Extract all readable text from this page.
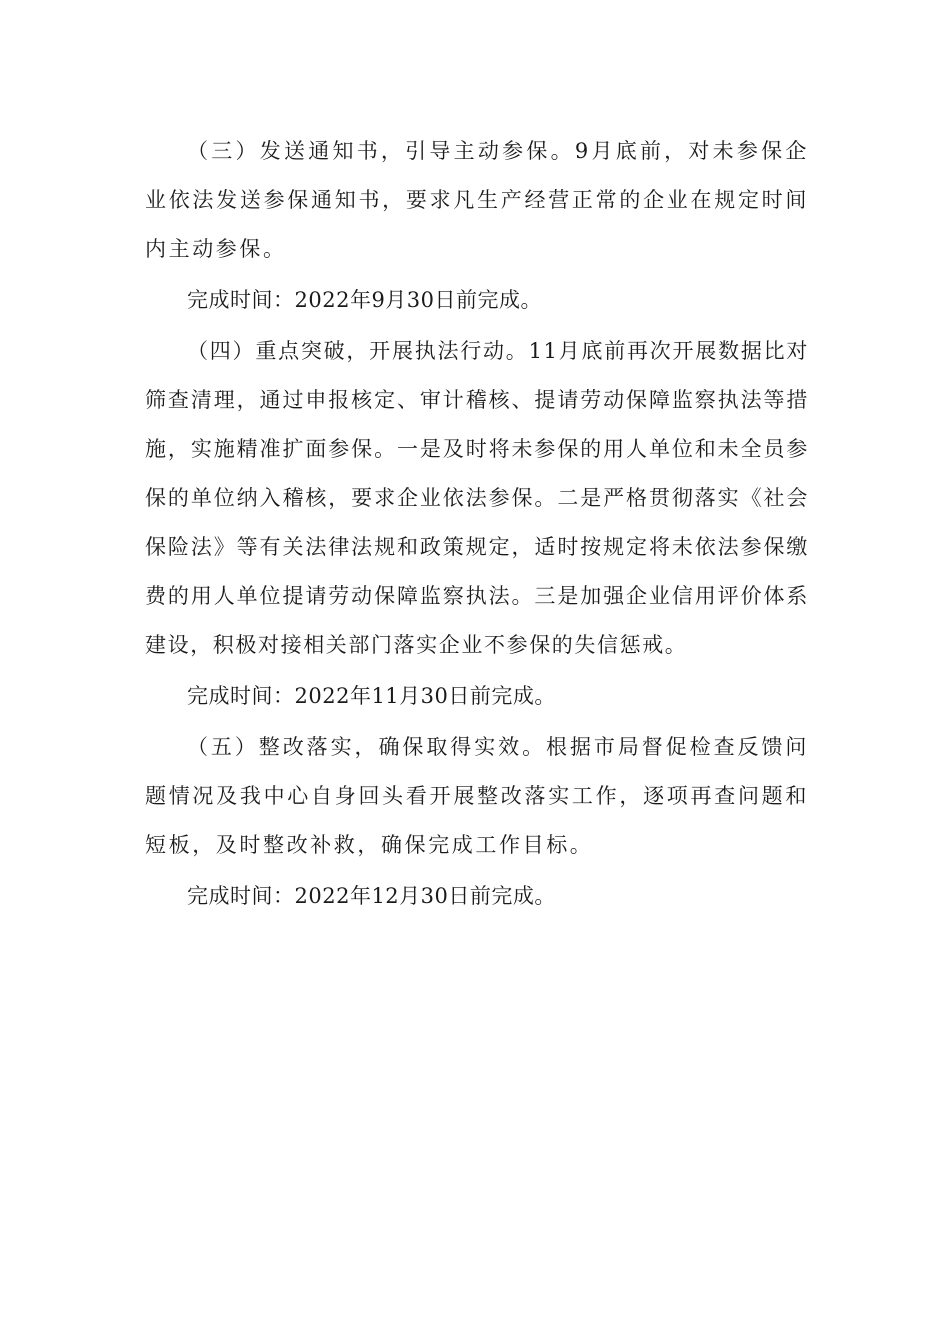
（三）发送通知书，引导主动参保。9月底前，对未参保企业依法发送参保通知书，要求凡生产经营正常的企业在规定时间内主动参保。

完成时间：2022年9月30日前完成。

（四）重点突破，开展执法行动。11月底前再次开展数据比对筛查清理，通过申报核定、审计稽核、提请劳动保障监察执法等措施，实施精准扩面参保。一是及时将未参保的用人单位和未全员参保的单位纳入稽核，要求企业依法参保。二是严格贯彻落实《社会保险法》等有关法律法规和政策规定，适时按规定将未依法参保缴费的用人单位提请劳动保障监察执法。三是加强企业信用评价体系建设，积极对接相关部门落实企业不参保的失信惩戒。

完成时间：2022年11月30日前完成。

（五）整改落实，确保取得实效。根据市局督促检查反馈问题情况及我中心自身回头看开展整改落实工作，逐项再查问题和短板，及时整改补救，确保完成工作目标。

完成时间：2022年12月30日前完成。
